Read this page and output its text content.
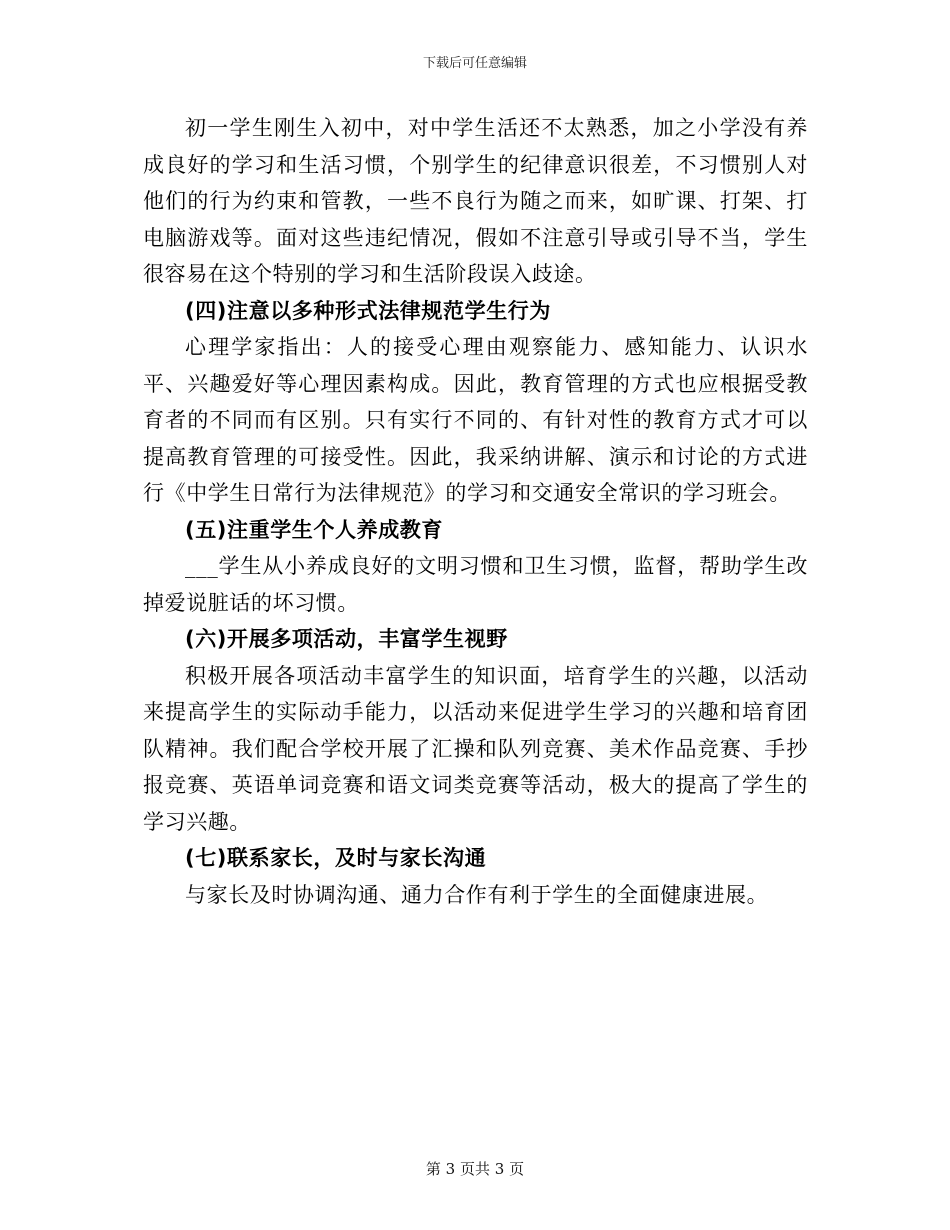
下载后可任意编辑

初一学生刚生入初中，对中学生活还不太熟悉，加之小学没有养成良好的学习和生活习惯，个别学生的纪律意识很差，不习惯别人对他们的行为约束和管教，一些不良行为随之而来，如旷课、打架、打电脑游戏等。面对这些违纪情况，假如不注意引导或引导不当，学生很容易在这个特别的学习和生活阶段误入歧途。

(四)注意以多种形式法律规范学生行为

心理学家指出：人的接受心理由观察能力、感知能力、认识水平、兴趣爱好等心理因素构成。因此，教育管理的方式也应根据受教育者的不同而有区别。只有实行不同的、有针对性的教育方式才可以提高教育管理的可接受性。因此，我采纳讲解、演示和讨论的方式进行《中学生日常行为法律规范》的学习和交通安全常识的学习班会。

(五)注重学生个人养成教育

___学生从小养成良好的文明习惯和卫生习惯，监督，帮助学生改掉爱说脏话的坏习惯。

(六)开展多项活动，丰富学生视野

积极开展各项活动丰富学生的知识面，培育学生的兴趣，以活动来提高学生的实际动手能力，以活动来促进学生学习的兴趣和培育团队精神。我们配合学校开展了汇操和队列竞赛、美术作品竞赛、手抄报竞赛、英语单词竞赛和语文词类竞赛等活动，极大的提高了学生的学习兴趣。

(七)联系家长，及时与家长沟通

与家长及时协调沟通、通力合作有利于学生的全面健康进展。

第 3 页共 3 页
